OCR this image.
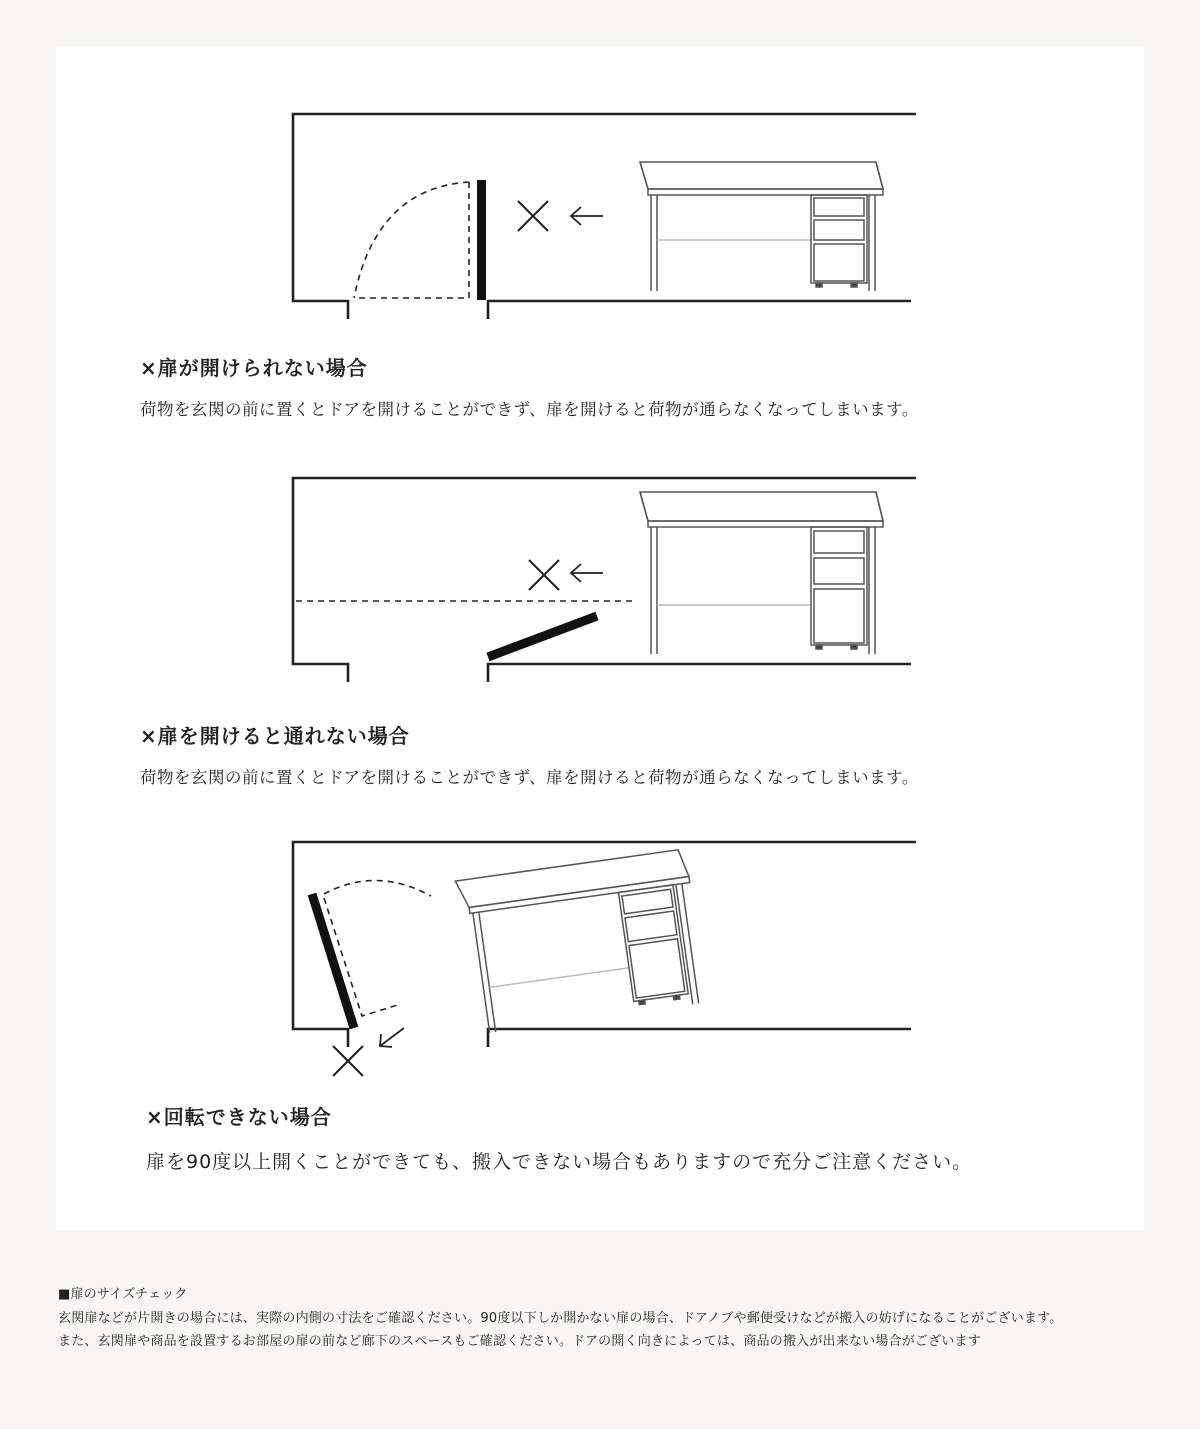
×扉が開けられない場合

荷物を玄関の前に置くとドアを開けることができず、扉を開けると荷物が通らなくなってしまいます。

×扉を開けると通れない場合

荷物を玄関の前に置くとドアを開けることができず、扉を開けると荷物が通らなくなってしまいます。

×回転できない場合

扉を90度以上開くことができても、搬入できない場合もありますので充分ご注意ください。

■扉のサイズチェック

玄関扉などが片開きの場合には、実際の内側の寸法をご確認ください。90度以下しか開かない扉の場合、ドアノブや郵便受けなどが搬入の妨げになることがございます。

また、玄関扉や商品を設置するお部屋の扉の前など廊下のスペースもご確認ください。ドアの開く向きによっては、商品の搬入が出来ない場合がございます
